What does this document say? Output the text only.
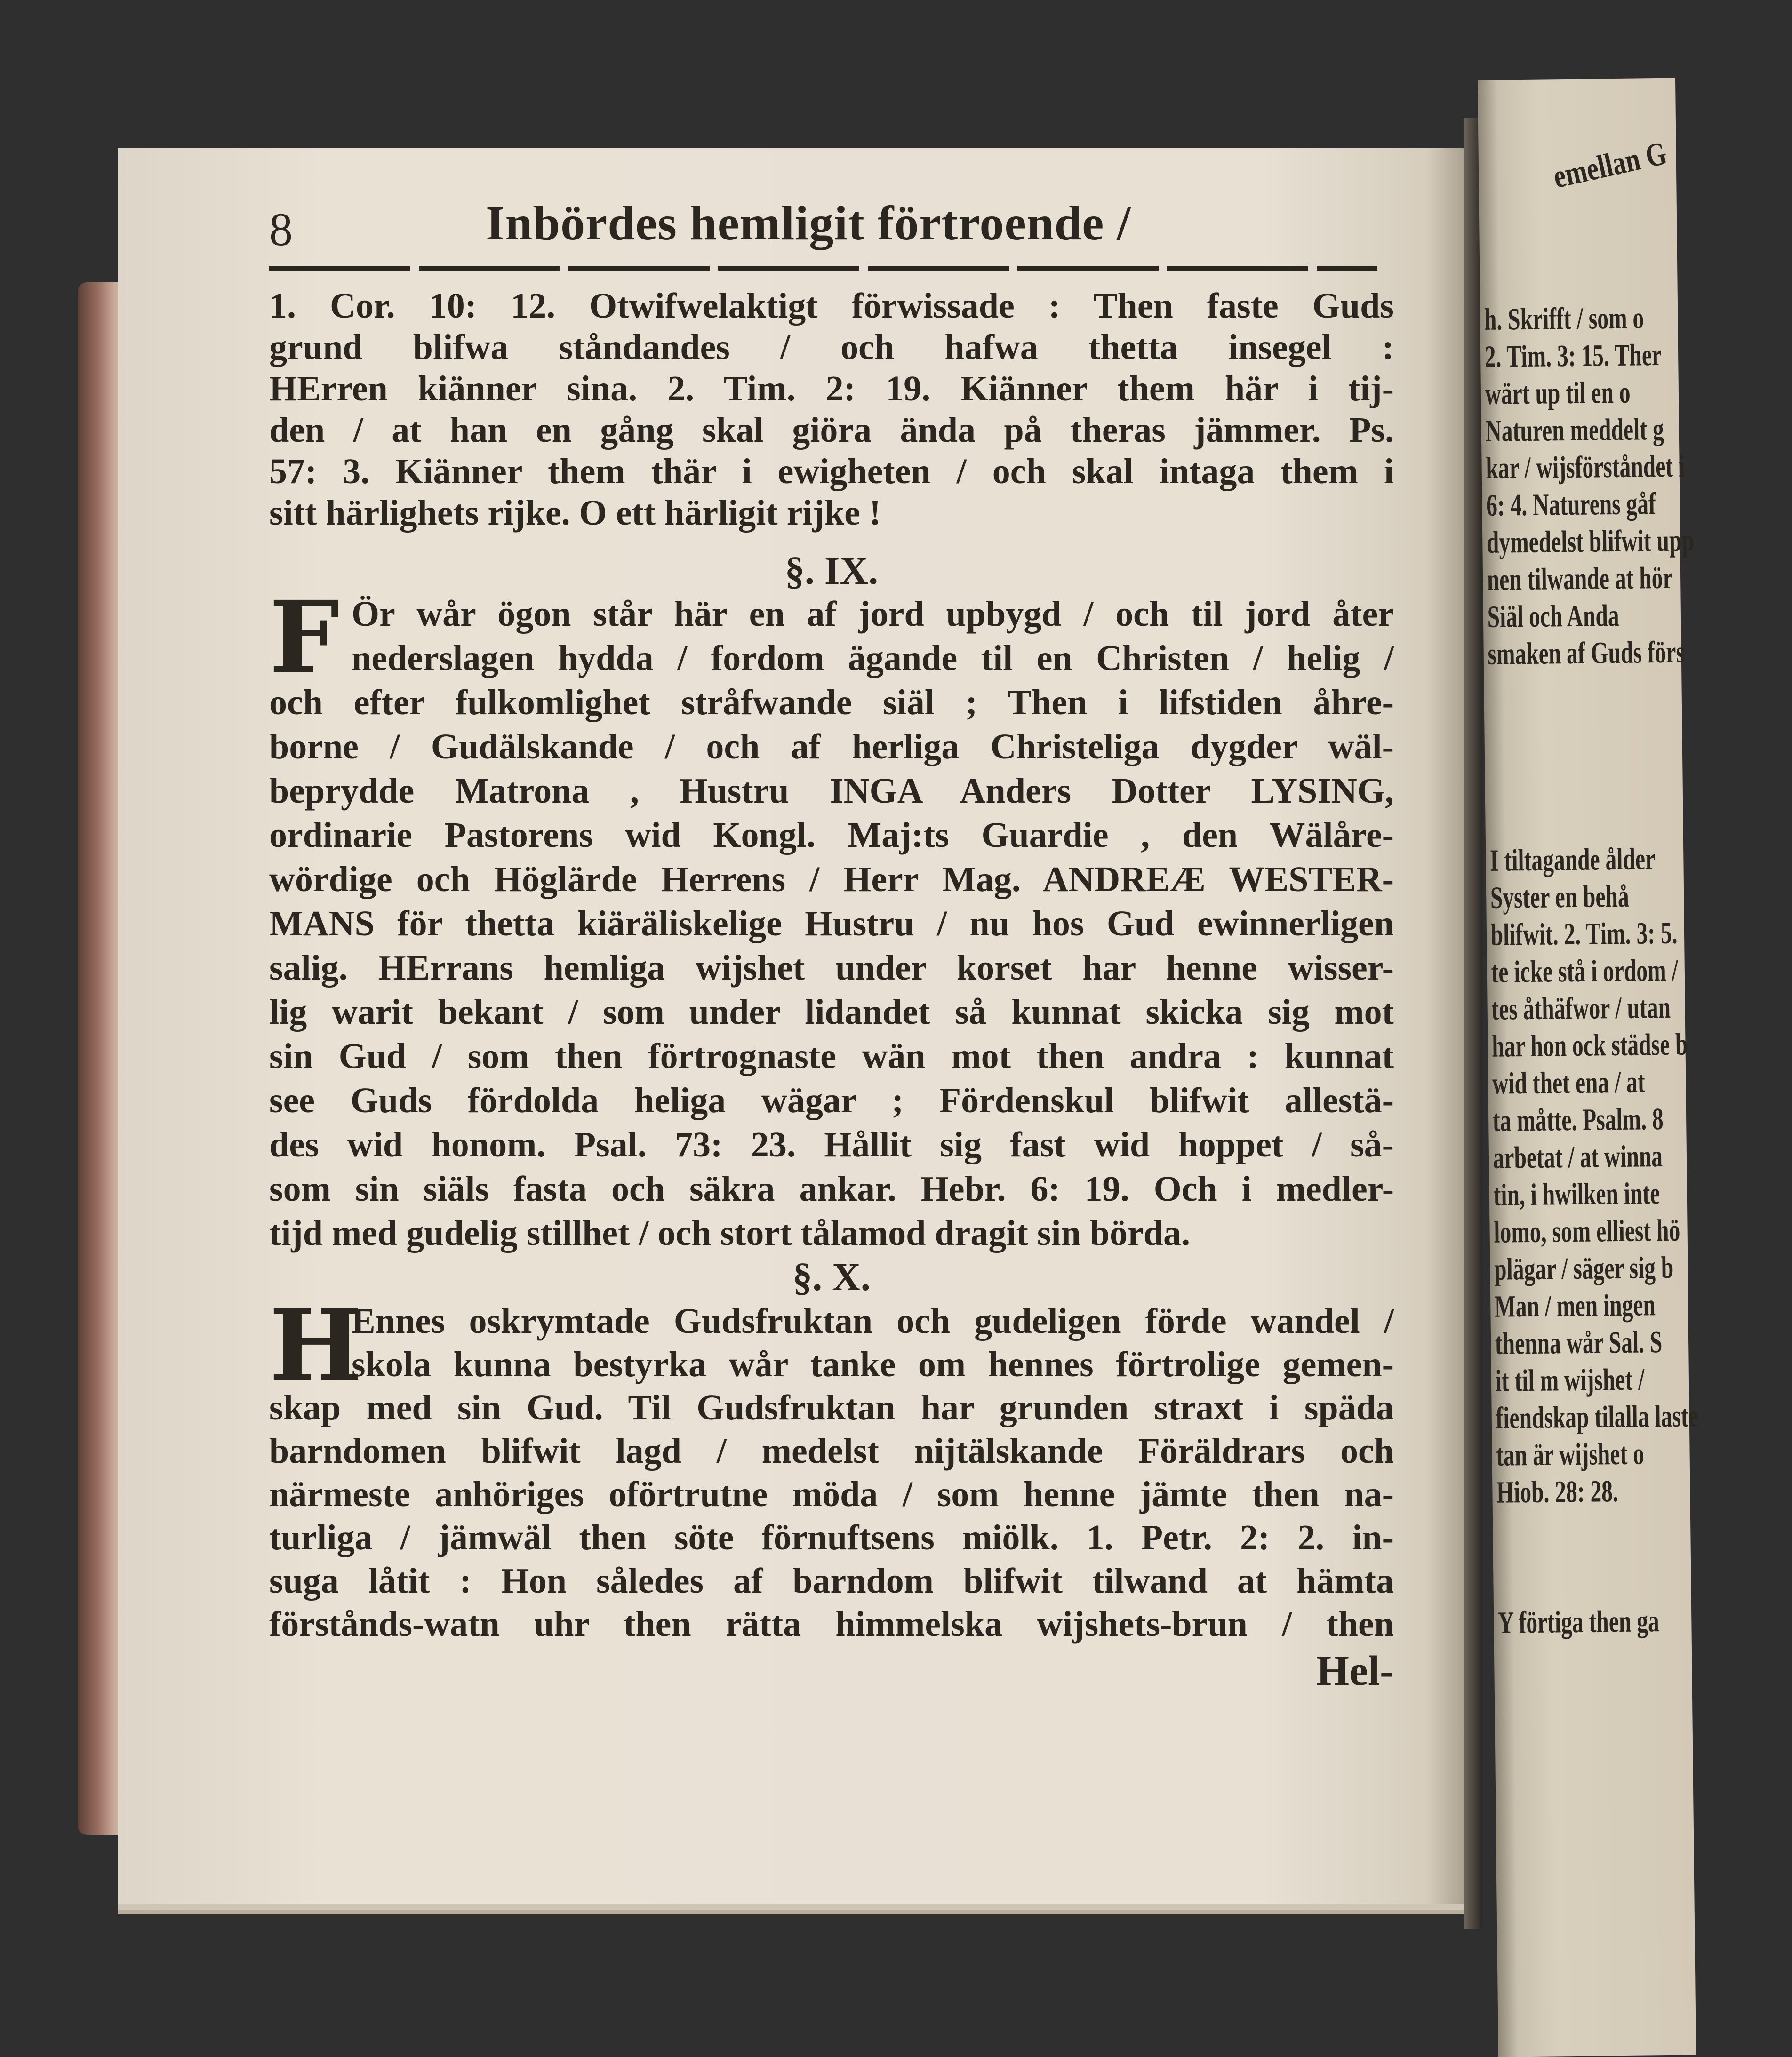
8	Inbördes hemligit förtroende /
1. Cor. 10: 12. Otwifwelaktigt förwissade : Then faste Guds
grund blifwa ståndandes / och hafwa thetta insegel :
HErren kiänner sina. 2. Tim. 2: 19. Kiänner them här i tij-
den / at han en gång skal giöra ända på theras jämmer. Ps.
57: 3. Kiänner them thär i ewigheten / och skal intaga them i
sitt härlighets rijke. O ett härligit rijke !
§. IX.
F Ör wår ögon står här en af jord upbygd / och til jord åter
nederslagen hydda / fordom ägande til en Christen / helig /
och efter fulkomlighet stråfwande siäl ; Then i lifstiden åhre-
borne / Gudälskande / och af herliga Christeliga dygder wäl-
beprydde Matrona , Hustru INGA Anders Dotter LYSING,
ordinarie Pastorens wid Kongl. Maj:ts Guardie , den Wälåre-
wördige och Höglärde Herrens / Herr Mag. ANDREÆ WESTER-
MANS för thetta kiäräliskelige Hustru / nu hos Gud ewinnerligen
salig. HErrans hemliga wijshet under korset har henne wisser-
lig warit bekant / som under lidandet så kunnat skicka sig mot
sin Gud / som then förtrognaste wän mot then andra : kunnat
see Guds fördolda heliga wägar ; Fördenskul blifwit allestä-
des wid honom. Psal. 73: 23. Hållit sig fast wid hoppet / så-
som sin siäls fasta och säkra ankar. Hebr. 6: 19. Och i medler-
tijd med gudelig stillhet / och stort tålamod dragit sin börda.
§. X.
H
Ennes oskrymtade Gudsfruktan och gudeligen förde wandel /
skola kunna bestyrka wår tanke om hennes förtrolige gemen-
skap med sin Gud. Til Gudsfruktan har grunden straxt i späda
barndomen blifwit lagd / medelst nijtälskande Föräldrars och
närmeste anhöriges oförtrutne möda / som henne jämte then na-
turliga / jämwäl then söte förnuftsens miölk. 1. Petr. 2: 2. in-
suga låtit : Hon således af barndom blifwit tilwand at hämta
förstånds-watn uhr then rätta himmelska wijshets-brun / then
Hel-
emellan G
h. Skrifft / som o
2. Tim. 3: 15. Ther
wärt up til en o
Naturen meddelt g
kar / wijsförståndet i
6: 4. Naturens gåf
dymedelst blifwit upp
nen tilwande at hör
Siäl och Anda
smaken af Guds förs
I tiltagande ålder
Syster en behå
blifwit. 2. Tim. 3: 5.
te icke stå i ordom /
tes åthäfwor / utan
har hon ock städse b
wid thet ena / at
ta måtte. Psalm. 8
arbetat / at winna
tin, i hwilken inte
lomo, som elliest hö
plägar / säger sig b
Man / men ingen
thenna wår Sal. S
it til m wijshet /
fiendskap tilalla laste
tan är wijshet o
Hiob. 28: 28.
Y förtiga then ga
